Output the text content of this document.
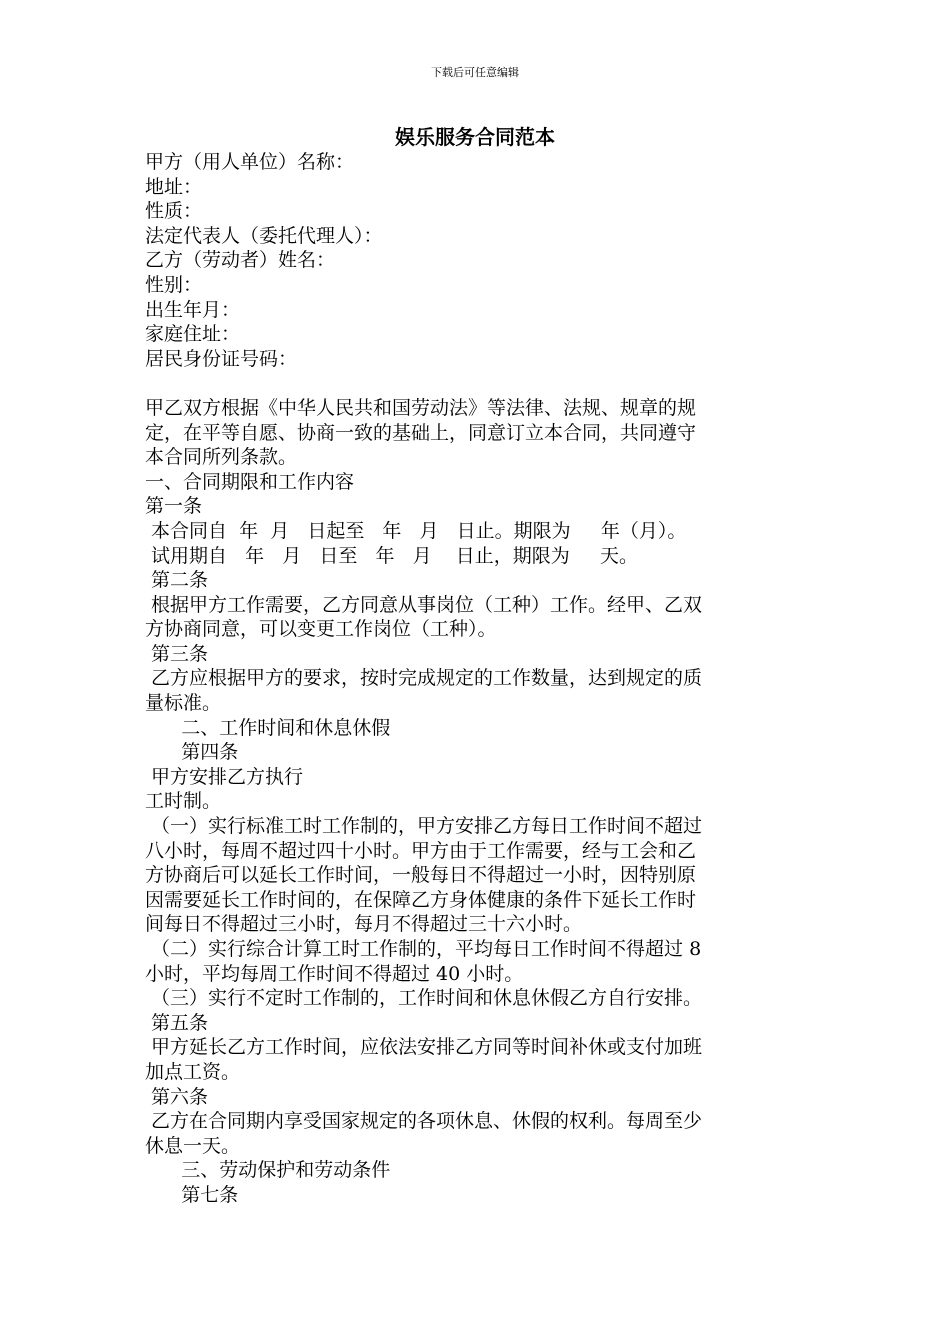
下载后可任意编辑
娱乐服务合同范本
甲方（用人单位）名称：
地址：
性质：
法定代表人（委托代理人）：
乙方（劳动者）姓名：
性别：
出生年月：
家庭住址：
居民身份证号码：
甲乙双方根据《中华人民共和国劳动法》等法律、法规、规章的规
定，在平等自愿、协商一致的基础上，同意订立本合同，共同遵守
本合同所列条款。
一、合同期限和工作内容
第一条
本合同自  年  月   日起至   年   月   日止。期限为     年（月）。
试用期自   年   月   日至   年   月    日止，期限为     天。
第二条
根据甲方工作需要，乙方同意从事岗位（工种）工作。经甲、乙双
方协商同意，可以变更工作岗位（工种）。
第三条
乙方应根据甲方的要求，按时完成规定的工作数量，达到规定的质
量标准。
二、工作时间和休息休假
第四条
甲方安排乙方执行
工时制。
（一）实行标准工时工作制的，甲方安排乙方每日工作时间不超过
八小时，每周不超过四十小时。甲方由于工作需要，经与工会和乙
方协商后可以延长工作时间，一般每日不得超过一小时，因特别原
因需要延长工作时间的，在保障乙方身体健康的条件下延长工作时
间每日不得超过三小时，每月不得超过三十六小时。
（二）实行综合计算工时工作制的，平均每日工作时间不得超过 8
小时，平均每周工作时间不得超过 40 小时。
（三）实行不定时工作制的，工作时间和休息休假乙方自行安排。
第五条
甲方延长乙方工作时间，应依法安排乙方同等时间补休或支付加班
加点工资。
第六条
乙方在合同期内享受国家规定的各项休息、休假的权利。每周至少
休息一天。
三、劳动保护和劳动条件
第七条
